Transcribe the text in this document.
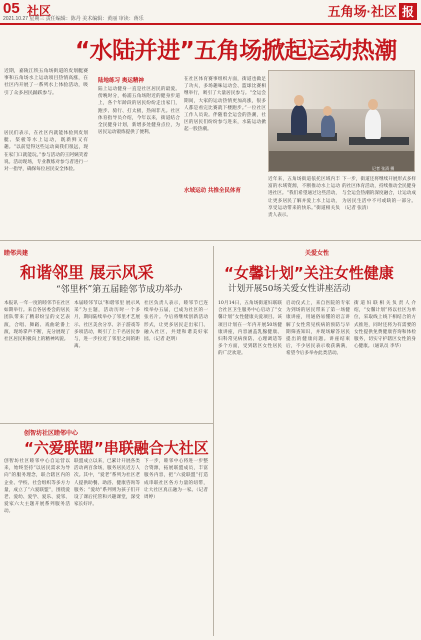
05 社区
2021.10.27 星期三 责任编辑：陈丹 美术编辑：黄丽 审读：蒋乐	五角场·社区 报
“水陆并进”五角场掀起运动热潮
近期，嘉陵江铁五角场街道的皮划艇赛事和五角场水上运动项目热情高涨，在社区内开展了一系列水上体验活动，吸引了众多居民踊跃参与。
陆地练习 奥运精神
陆上运动健身一直是社区居民的最爱。傍晚时分，杨浦五角场附近的健身步道上，各个年龄段的居民纷纷走出家门，跑步、骑行、打太极，热闹非凡。社区体育指导员介绍，今年以来，街道结合全民健身计划，新增多处健身点位，为居民运动锻炼提供了便利。
在社区体育赛事组织方面，街道也做足了功夫，多场趣味运动会、篮球比赛相继举行，吸引了大量居民参与。“全运会期间，大家的运动热情更加高涨，很多人都是看完比赛就下楼跑步。”一位社区工作人员说。伴随着全运会的热潮，社区的居民们纷纷参与进来，水陆运动掀起一股热潮。
居民们表示，在社区内就能体验到皮划艇、桨板等水上运动，既新鲜又有趣。“以前觉得这些运动离我们很远，现在家门口就能玩。”参与活动的王阿姨笑着说。活动现场，专业教练对参与者进行一对一指导，确保每位居民安全体验。	记者 张清 摄
水域运动 共推全民体育
近年来，五角场街道依托区域内丰富的水域资源，不断推动水上运动进社区。“我们希望通过这些活动，让更多居民了解并爱上水上运动，享受运动带来的快乐。”街道相关负责人表示。
下一步，街道还将继续开展形式多样的社区体育活动，持续推动全民健身与全运会热潮的深度融合，让运动成为居民生活中不可或缺的一部分。（记者 张清）
睦邻共建
和谐邻里 展示风采
“邻里杯”第五届睦邻节成功举办
本报讯 一年一度的睦邻节在社区如期举行。来自各居委会的居民团队带来了精彩纷呈的文艺表演，合唱、舞蹈、戏曲轮番上演，现场掌声不断，充分展现了社区居民积极向上的精神风貌。
本届睦邻节以“和谐邻里 展示风采”为主题，活动历时一个多月，期间陆续举办了邻里才艺展示、社区美食分享、亲子游戏等多项活动，吸引了上千名居民参与，进一步拉近了邻里之间的距离。
社区负责人表示，睦邻节已连续举办五届，已成为社区的一张名片。今后将继续创新活动形式，让更多居民走出家门、融入社区，共建和谐美好家园。（记者 赵明）
关爱女性
“女馨计划”关注女性健康
计划开展50场关爱女性讲座活动
10月14日，五角场街道妇联联合社区卫生服务中心启动了“女馨计划”女性健康关爱项目。该项目计划在一年内开展50场健康讲座，内容涵盖乳腺健康、妇科常见病预防、心理调适等多个方面，受到辖区女性居民的广泛欢迎。
启动仪式上，来自医院的专家为到场的居民带来了第一场健康讲座，用通俗易懂的语言讲解了女性常见疾病的预防与早期筛查知识，并现场解答居民提出的健康问题。讲座结束后，不少居民表示收获满满，希望今后多举办此类活动。
街道妇联相关负责人介绍，“女馨计划”将以社区为单位，采取线上线下相结合的方式推进，同时还将为有需要的女性提供免费健康咨询和体检服务，切实守护辖区女性的身心健康。（通讯员 李华）
创智坊社区睦邻中心
“六爱联盟”串联融合大社区
创智坊社区睦邻中心自运营以来，始终坚持“以居民需求为导向”的服务理念，联合辖区内的企业、学校、社会组织等多方力量，成立了“六爱联盟”，围绕爱老、爱幼、爱学、爱乐、爱邻、爱家六大主题开展系列服务活动。
联盟成立以来，已累计开展各类活动两百余场，服务居民近万人次。其中，“爱老”系列为社区老人提供助餐、助浴、健康咨询等服务；“爱幼”系列则为孩子们开设了课后托管和兴趣课堂，深受家长好评。
下一步，睦邻中心将进一步整合资源，拓展联盟成员，丰富服务内容，把“六爱联盟”打造成串联社区各方力量的纽带，让大社区真正融为一家。（记者 周婷）
